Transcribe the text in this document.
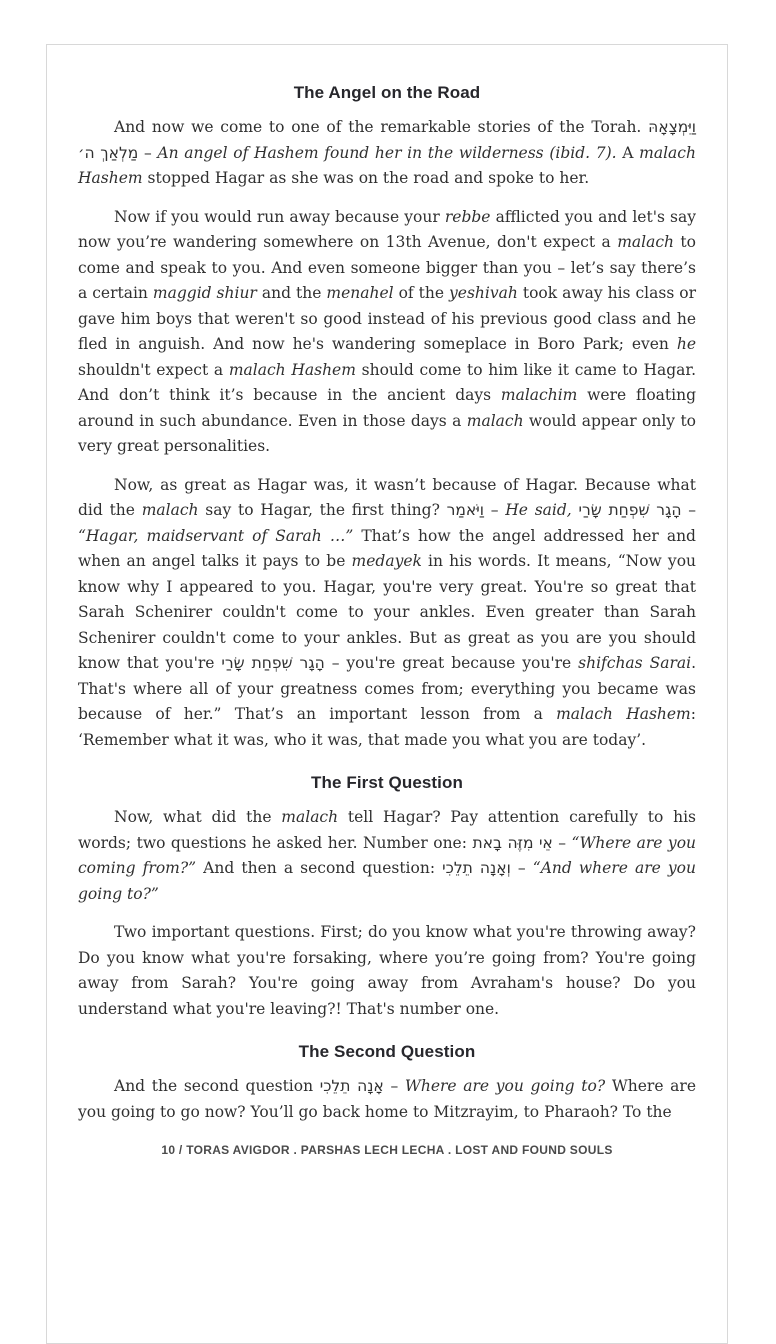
The Angel on the Road

And now we come to one of the remarkable stories of the Torah. וַיִּמְצָאָהּ מַלְאַךְ ה׳ – An angel of Hashem found her in the wilderness (ibid. 7). A malach Hashem stopped Hagar as she was on the road and spoke to her.

Now if you would run away because your rebbe afflicted you and let's say now you’re wandering somewhere on 13th Avenue, don't expect a malach to come and speak to you. And even someone bigger than you – let’s say there’s a certain maggid shiur and the menahel of the yeshivah took away his class or gave him boys that weren't so good instead of his previous good class and he fled in anguish. And now he's wandering someplace in Boro Park; even he shouldn't expect a malach Hashem should come to him like it came to Hagar. And don’t think it’s because in the ancient days malachim were floating around in such abundance. Even in those days a malach would appear only to very great personalities.

Now, as great as Hagar was, it wasn’t because of Hagar. Because what did the malach say to Hagar, the first thing? וַיֹּאמַר – He said, הָגָר שִׁפְחַת שָׂרַי – “Hagar, maidservant of Sarah …” That’s how the angel addressed her and when an angel talks it pays to be medayek in his words. It means, “Now you know why I appeared to you. Hagar, you're very great. You're so great that Sarah Schenirer couldn't come to your ankles. Even greater than Sarah Schenirer couldn't come to your ankles. But as great as you are you should know that you're הָגָר שִׁפְחַת שָׂרַי – you're great because you're shifchas Sarai. That's where all of your greatness comes from; everything you became was because of her.” That’s an important lesson from a malach Hashem: ‘Remember what it was, who it was, that made you what you are today’.

The First Question

Now, what did the malach tell Hagar? Pay attention carefully to his words; two questions he asked her. Number one: אֵי מִזֶּה בָאת – “Where are you coming from?” And then a second question: וְאָנָה תֵלֵכִי – “And where are you going to?”

Two important questions. First; do you know what you're throwing away? Do you know what you're forsaking, where you’re going from? You're going away from Sarah? You're going away from Avraham's house? Do you understand what you're leaving?! That's number one.

The Second Question

And the second question אָנָה תֵלֵכִי – Where are you going to? Where are you going to go now? You’ll go back home to Mitzrayim, to Pharaoh? To the

10 / TORAS AVIGDOR . PARSHAS LECH LECHA . LOST AND FOUND SOULS
